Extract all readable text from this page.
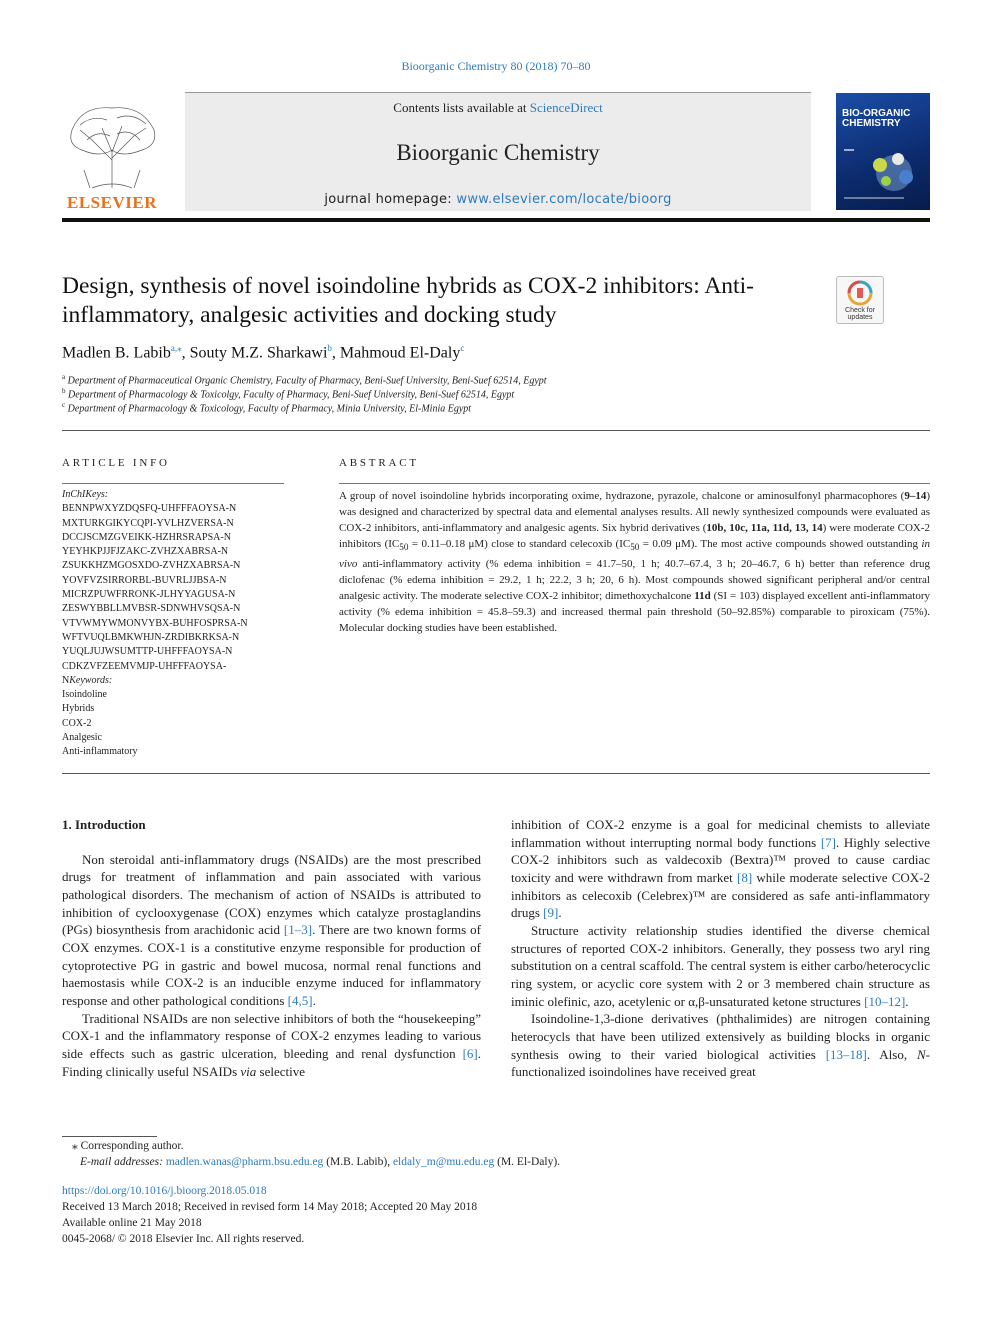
Bioorganic Chemistry 80 (2018) 70–80
ELSEVIER
Contents lists available at ScienceDirect
Bioorganic Chemistry
journal homepage: www.elsevier.com/locate/bioorg
BIO-ORGANIC
CHEMISTRY
Design, synthesis of novel isoindoline hybrids as COX-2 inhibitors: Anti-inflammatory, analgesic activities and docking study	Check for updates
Madlen B. Labib$^{a,⁎}$, Souty M.Z. Sharkawi$^b$, Mahmoud El-Daly$^c$
$^a$ Department of Pharmaceutical Organic Chemistry, Faculty of Pharmacy, Beni-Suef University, Beni-Suef 62514, Egypt
$^b$ Department of Pharmacology & Toxicolgy, Faculty of Pharmacy, Beni-Suef University, Beni-Suef 62514, Egypt
$^c$ Department of Pharmacology & Toxicology, Faculty of Pharmacy, Minia University, El-Minia Egypt
ARTICLE INFO	ABSTRACT
InChIKeys:
BENNPWXYZDQSFQ-UHFFFAOYSA-N
MXTURKGIKYCQPI-YVLHZVERSA-N
DCCJSCMZGVEIKK-HZHRSRAPSA-N
YEYHKPJJFJZAKC-ZVHZXABRSA-N
ZSUKKHZMGOSXDO-ZVHZXABRSA-N
YOVFVZSIRRORBL-BUVRLJJBSA-N
MICRZPUWFRRONK-JLHYYAGUSA-N
ZESWYBBLLMVBSR-SDNWHVSQSA-N
VTVWMYWMONVYBX-BUHFOSPRSA-N
WFTVUQLBMKWHJN-ZRDIBKRKSA-N
YUQLJUJWSUMTTP-UHFFFAOYSA-N
CDKZVFZEEMVMJP-UHFFFAOYSA-
NKeywords:
Isoindoline
Hybrids
COX-2
Analgesic
Anti-inflammatory
A group of novel isoindoline hybrids incorporating oxime, hydrazone, pyrazole, chalcone or aminosulfonyl pharmacophores (9–14) was designed and characterized by spectral data and elemental analyses results. All newly synthesized compounds were evaluated as COX-2 inhibitors, anti-inflammatory and analgesic agents. Six hybrid derivatives (10b, 10c, 11a, 11d, 13, 14) were moderate COX-2 inhibitors ($IC_{50} = 0.11-0.18$ μM) close to standard celecoxib ($IC_{50} = 0.09$ μM). The most active compounds showed outstanding in vivo anti-inflammatory activity (% edema inhibition = 41.7–50, 1 h; 40.7–67.4, 3 h; 20–46.7, 6 h) better than reference drug diclofenac (% edema inhibition = 29.2, 1 h; 22.2, 3 h; 20, 6 h). Most compounds showed significant peripheral and/or central analgesic activity. The moderate selective COX-2 inhibitor; dimethoxychalcone 11d (SI = 103) displayed excellent anti-inflammatory activity (% edema inhibition = 45.8–59.3) and increased thermal pain threshold (50–92.85%) comparable to piroxicam (75%). Molecular docking studies have been established.
1. Introduction

Non steroidal anti-inflammatory drugs (NSAIDs) are the most prescribed drugs for treatment of inflammation and pain associated with various pathological disorders. The mechanism of action of NSAIDs is attributed to inhibition of cyclooxygenase (COX) enzymes which catalyze prostaglandins (PGs) biosynthesis from arachidonic acid [1–3]. There are two known forms of COX enzymes. COX-1 is a constitutive enzyme responsible for production of cytoprotective PG in gastric and bowel mucosa, normal renal functions and haemostasis while COX-2 is an inducible enzyme induced for inflammatory response and other pathological conditions [4,5].

Traditional NSAIDs are non selective inhibitors of both the “housekeeping” COX-1 and the inflammatory response of COX-2 enzymes leading to various side effects such as gastric ulceration, bleeding and renal dysfunction [6]. Finding clinically useful NSAIDs via selective

inhibition of COX-2 enzyme is a goal for medicinal chemists to alleviate inflammation without interrupting normal body functions [7]. Highly selective COX-2 inhibitors such as valdecoxib (Bextra)™ proved to cause cardiac toxicity and were withdrawn from market [8] while moderate selective COX-2 inhibitors as celecoxib (Celebrex)™ are considered as safe anti-inflammatory drugs [9].

Structure activity relationship studies identified the diverse chemical structures of reported COX-2 inhibitors. Generally, they possess two aryl ring substitution on a central scaffold. The central system is either carbo/heterocyclic ring system, or acyclic core system with 2 or 3 membered chain structure as iminic olefinic, azo, acetylenic or α,β-unsaturated ketone structures [10–12].

Isoindoline-1,3-dione derivatives (phthalimides) are nitrogen containing heterocycls that have been utilized extensively as building blocks in organic synthesis owing to their varied biological activities [13–18]. Also, N-functionalized isoindolines have received great

⁎ Corresponding author.
E-mail addresses: madlen.wanas@pharm.bsu.edu.eg (M.B. Labib), eldaly_m@mu.edu.eg (M. El-Daly).
https://doi.org/10.1016/j.bioorg.2018.05.018
Received 13 March 2018; Received in revised form 14 May 2018; Accepted 20 May 2018
Available online 21 May 2018
0045-2068/ © 2018 Elsevier Inc. All rights reserved.
